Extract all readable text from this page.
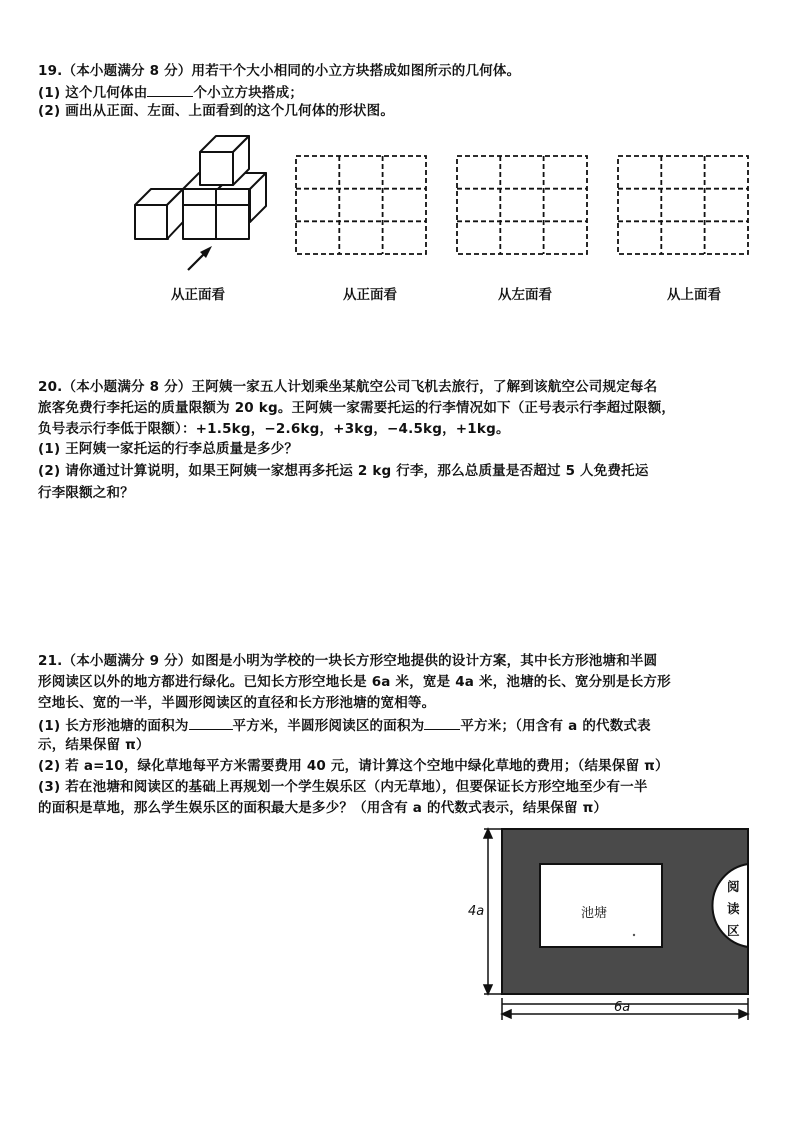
19.（本小题满分 8 分）用若干个大小相同的小立方块搭成如图所示的几何体。
(1) 这个几何体由	个小立方块搭成；
(2) 画出从正面、左面、上面看到的这个几何体的形状图。
从正面看	从正面看	从左面看	从上面看
20.（本小题满分 8 分）王阿姨一家五人计划乘坐某航空公司飞机去旅行，了解到该航空公司规定每名
旅客免费行李托运的质量限额为 20 kg。王阿姨一家需要托运的行李情况如下（正号表示行李超过限额，
负号表示行李低于限额）：+1.5kg，−2.6kg，+3kg，−4.5kg，+1kg。
(1) 王阿姨一家托运的行李总质量是多少？
(2) 请你通过计算说明，如果王阿姨一家想再多托运 2 kg 行李，那么总质量是否超过 5 人免费托运
行李限额之和？
21.（本小题满分 9 分）如图是小明为学校的一块长方形空地提供的设计方案，其中长方形池塘和半圆
形阅读区以外的地方都进行绿化。已知长方形空地长是 6a 米，宽是 4a 米，池塘的长、宽分别是长方形
空地长、宽的一半，半圆形阅读区的直径和长方形池塘的宽相等。
(1) 长方形池塘的面积为	平方米，半圆形阅读区的面积为	平方米；（用含有 a 的代数式表
示，结果保留 π）
(2) 若 a=10，绿化草地每平方米需要费用 40 元，请计算这个空地中绿化草地的费用；（结果保留 π）
(3) 若在池塘和阅读区的基础上再规划一个学生娱乐区（内无草地），但要保证长方形空地至少有一半
的面积是草地，那么学生娱乐区的面积最大是多少？（用含有 a 的代数式表示，结果保留 π）
池塘
阅
读
区
4a
6a
